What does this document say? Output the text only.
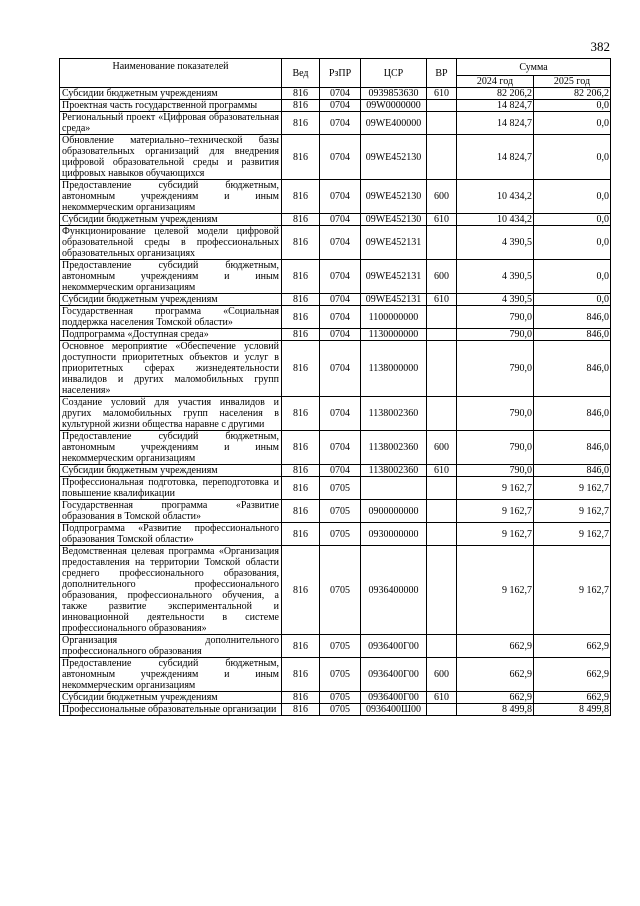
382
Наименование показателей	Вед	РзПР	ЦСР	ВР	Сумма	
					2024 год	2025 год
Субсидии бюджетным учреждениям	816	0704	0939853630	610	82 206,2	82 206,2
Проектная часть государственной программы	816	0704	09W0000000		14 824,7	0,0
Региональный проект «Цифровая образовательная среда»	816	0704	09WE400000		14 824,7	0,0
Обновление материально–технической базы образовательных организаций для внедрения цифровой образовательной среды и развития цифровых навыков обучающихся	816	0704	09WE452130		14 824,7	0,0
Предоставление субсидий бюджетным, автономным учреждениям и иным некоммерческим организациям	816	0704	09WE452130	600	10 434,2	0,0
Субсидии бюджетным учреждениям	816	0704	09WE452130	610	10 434,2	0,0
Функционирование целевой модели цифровой образовательной среды в профессиональных образовательных организациях	816	0704	09WE452131		4 390,5	0,0
Предоставление субсидий бюджетным, автономным учреждениям и иным некоммерческим организациям	816	0704	09WE452131	600	4 390,5	0,0
Субсидии бюджетным учреждениям	816	0704	09WE452131	610	4 390,5	0,0
Государственная программа «Социальная поддержка населения Томской области»	816	0704	1100000000		790,0	846,0
Подпрограмма «Доступная среда»	816	0704	1130000000		790,0	846,0
Основное мероприятие «Обеспечение условий доступности приоритетных объектов и услуг в приоритетных сферах жизнедеятельности инвалидов и других маломобильных групп населения»	816	0704	1138000000		790,0	846,0
Создание условий для участия инвалидов и других маломобильных групп населения в культурной жизни общества наравне с другими	816	0704	1138002360		790,0	846,0
Предоставление субсидий бюджетным, автономным учреждениям и иным некоммерческим организациям	816	0704	1138002360	600	790,0	846,0
Субсидии бюджетным учреждениям	816	0704	1138002360	610	790,0	846,0
Профессиональная подготовка, переподготовка и повышение квалификации	816	0705			9 162,7	9 162,7
Государственная программа «Развитие образования в Томской области»	816	0705	0900000000		9 162,7	9 162,7
Подпрограмма «Развитие профессионального образования Томской области»	816	0705	0930000000		9 162,7	9 162,7
Ведомственная целевая программа «Организация предоставления на территории Томской области среднего профессионального образования, дополнительного профессионального образования, профессионального обучения, а также развитие экспериментальной и инновационной деятельности в системе профессионального образования»	816	0705	0936400000		9 162,7	9 162,7
Организация дополнительного профессионального образования	816	0705	0936400Г00		662,9	662,9
Предоставление субсидий бюджетным, автономным учреждениям и иным некоммерческим организациям	816	0705	0936400Г00	600	662,9	662,9
Субсидии бюджетным учреждениям	816	0705	0936400Г00	610	662,9	662,9
Профессиональные образовательные организации	816	0705	0936400Ш00		8 499,8	8 499,8
